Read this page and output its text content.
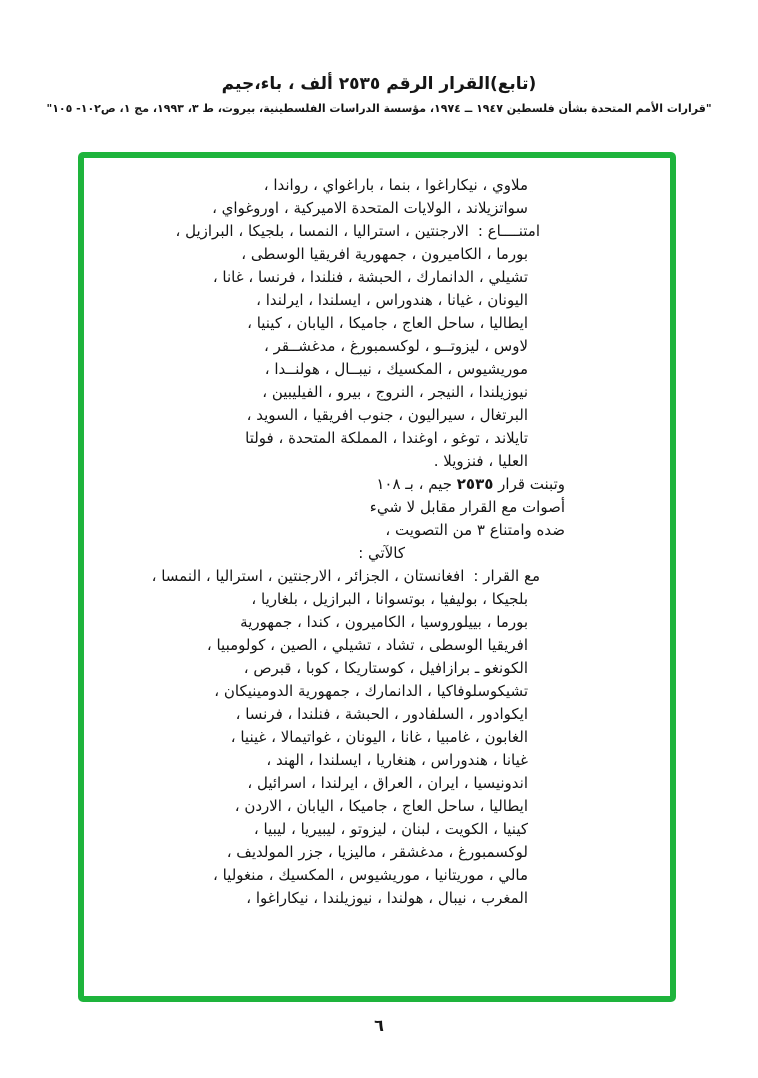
(تابع)القرار الرقم ٢٥٣٥ ألف ، باء،جيم
"قرارات الأمم المتحدة بشأن فلسطين ١٩٤٧ ــ ١٩٧٤، مؤسسة الدراسات الفلسطينية، بيروت، ط ٣، ١٩٩٣، مج ١، ص١٠٢- ١٠٥"
ملاوي ، نيكاراغوا ، بنما ، باراغواي ، رواندا ،
سواتزيلاند ، الولايات المتحدة الاميركية ، اوروغواي ،
امتنــــاع :الارجنتين ، استراليا ، النمسا ، بلجيكا ، البرازيل ،
بورما ، الكاميرون ، جمهورية افريقيا الوسطى ،
تشيلي ، الدانمارك ، الحبشة ، فنلندا ، فرنسا ، غانا ،
اليونان ، غيانا ، هندوراس ، ايسلندا ، ايرلندا ،
ايطاليا ، ساحل العاج ، جاميكا ، اليابان ، كينيا ،
لاوس ، ليزوتــو ، لوكسمبورغ ، مدغشــقر ،
موريشيوس ، المكسيك ، نيبــال ، هولنــدا ،
نيوزيلندا ، النيجر ، النروج ، بيرو ، الفيليبين ،
البرتغال ، سيراليون ، جنوب افريقيا ، السويد ،
تايلاند ، توغو ، اوغندا ، المملكة المتحدة ، فولتا
العليا ، فنزويلا .
وتبنت قرار ٢٥٣٥ جيم ، بـ ١٠٨
أصوات مع القرار مقابل لا شيء
ضده وامتناع ٣ من التصويت ،
كالآتي :
مع القرار :افغانستان ، الجزائر ، الارجنتين ، استراليا ، النمسا ،
بلجيكا ، بوليفيا ، بوتسوانا ، البرازيل ، بلغاريا ،
بورما ، بييلوروسيا ، الكاميرون ، كندا ، جمهورية
افريقيا الوسطى ، تشاد ، تشيلي ، الصين ، كولومبيا ،
الكونغو ـ برازافيل ، كوستاريكا ، كوبا ، قبرص ،
تشيكوسلوفاكيا ، الدانمارك ، جمهورية الدومينيكان ،
ايكوادور ، السلفادور ، الحبشة ، فنلندا ، فرنسا ،
الغابون ، غامبيا ، غانا ، اليونان ، غواتيمالا ، غينيا ،
غيانا ، هندوراس ، هنغاريا ، ايسلندا ، الهند ،
اندونيسيا ، ايران ، العراق ، ايرلندا ، اسرائيل ،
ايطاليا ، ساحل العاج ، جاميكا ، اليابان ، الاردن ،
كينيا ، الكويت ، لبنان ، ليزوتو ، ليبيريا ، ليبيا ،
لوكسمبورغ ، مدغشقر ، ماليزيا ، جزر المولديف ،
مالي ، موريتانيا ، موريشيوس ، المكسيك ، منغوليا ،
المغرب ، نيبال ، هولندا ، نيوزيلندا ، نيكاراغوا ،
٦
